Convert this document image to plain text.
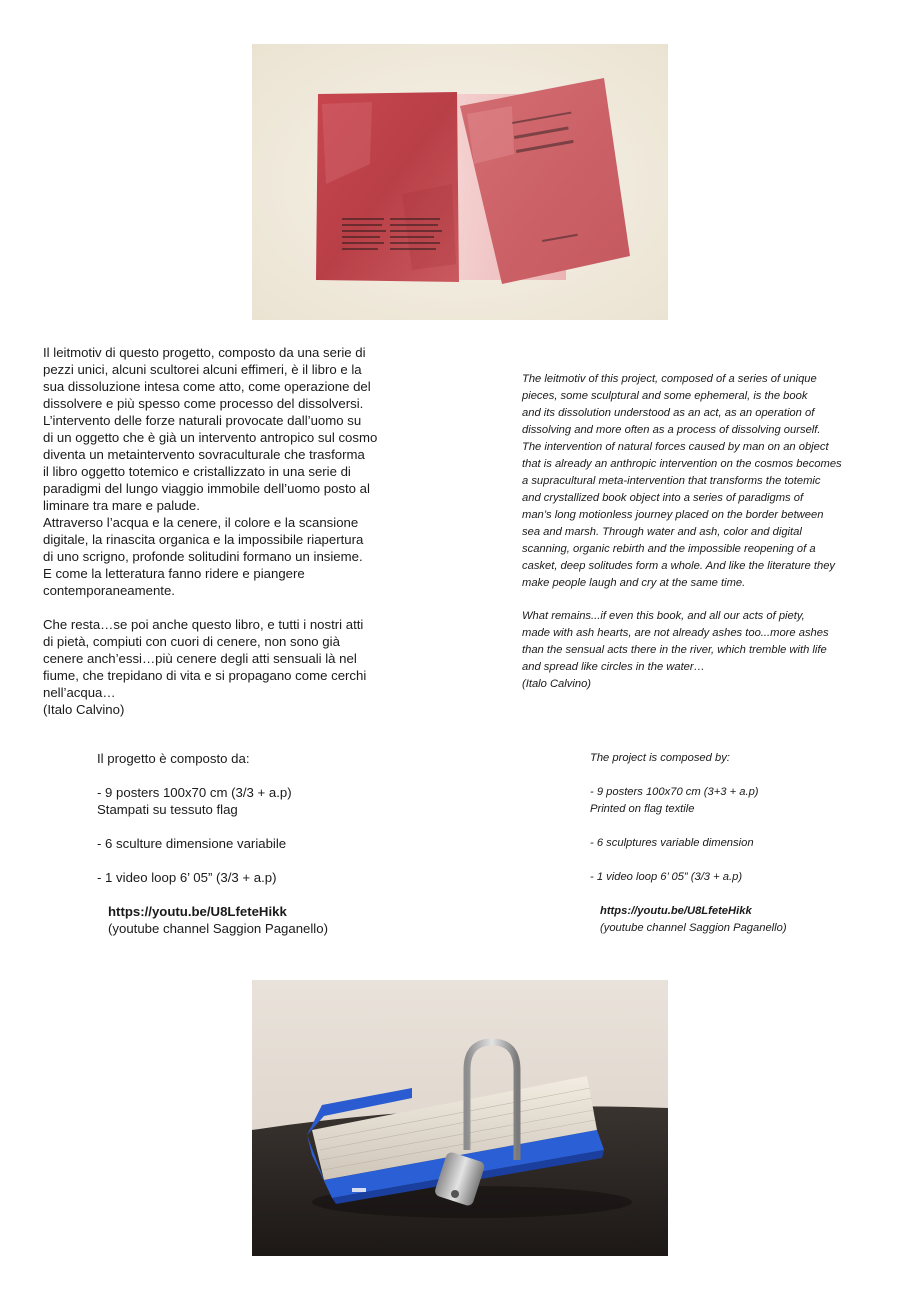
Il leitmotiv di questo progetto, composto da una serie di
pezzi unici, alcuni scultorei alcuni effimeri, è il libro e la
sua dissoluzione intesa come atto, come operazione del
dissolvere e più spesso come processo del dissolversi.
L’intervento delle forze naturali provocate dall’uomo su
di un oggetto che è già un intervento antropico sul cosmo
diventa un metaintervento sovraculturale che trasforma
il libro oggetto totemico e cristallizzato in una serie di
paradigmi del lungo viaggio immobile dell’uomo posto al
liminare tra mare e palude.
Attraverso l’acqua e la cenere, il colore e la scansione
digitale, la rinascita organica e la impossibile riapertura
di uno scrigno, profonde solitudini formano un insieme.
E come la letteratura fanno ridere e piangere
contemporaneamente.

Che resta…se poi anche questo libro, e tutti i nostri atti
di pietà, compiuti con cuori di cenere, non sono già
cenere anch’essi…più cenere degli atti sensuali là nel
fiume, che trepidano di vita e si propagano come cerchi
nell’acqua…
(Italo Calvino)

The leitmotiv of this project, composed of a series of unique
pieces, some sculptural and some ephemeral, is the book
and its dissolution understood as an act, as an operation of
dissolving and more often as a process of dissolving ourself.
The intervention of natural forces caused by man on an object
that is already an anthropic intervention on the cosmos becomes
a supracultural meta-intervention that transforms the totemic
and crystallized book object into a series of paradigms of
man’s long motionless journey placed on the border between
sea and marsh. Through water and ash, color and digital
scanning, organic rebirth and the impossible reopening of a
casket, deep solitudes form a whole. And like the literature they
make people laugh and cry at the same time.

What remains...if even this book, and all our acts of piety,
made with ash hearts, are not already ashes too...more ashes
than the sensual acts there in the river, which tremble with life
and spread like circles in the water…
(Italo Calvino)

Il progetto è composto da:
- 9 posters 100x70 cm (3/3 + a.p)
Stampati su tessuto flag
- 6 sculture dimensione variabile
- 1 video loop 6’ 05” (3/3 + a.p)
https://youtu.be/U8LfeteHikk
(youtube channel Saggion Paganello)
The project is composed by:
- 9 posters 100x70 cm (3+3 + a.p)
Printed on flag textile
- 6 sculptures variable dimension
- 1 video loop 6’ 05” (3/3 + a.p)
https://youtu.be/U8LfeteHikk
(youtube channel Saggion Paganello)
